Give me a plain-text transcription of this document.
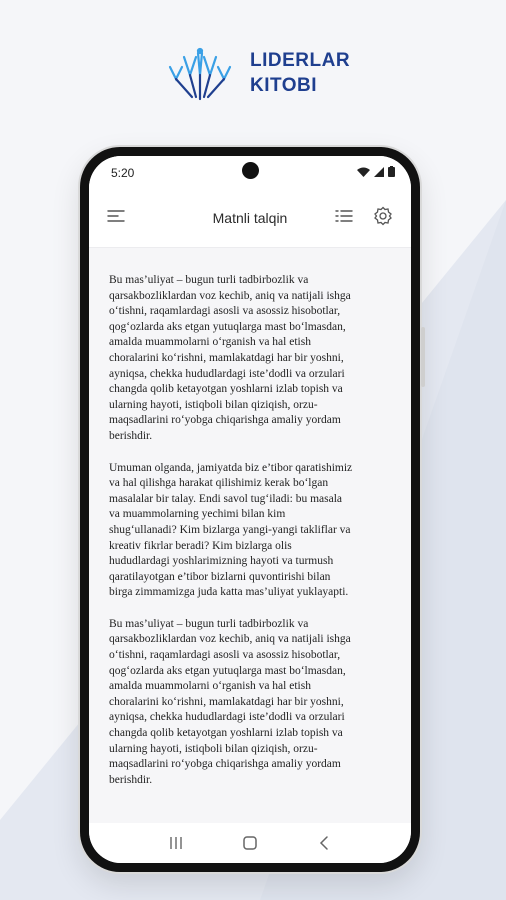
LIDERLAR
KITOBI
5:20
Matnli talqin

Bu mas’uliyat – bugun turli tadbirbozlik va
qarsakbozliklardan voz kechib, aniq va natijali ishga
o‘tishni, raqamlardagi asosli va asossiz hisobotlar,
qog‘ozlarda aks etgan yutuqlarga mast bo‘lmasdan,
amalda muammolarni o‘rganish va hal etish
choralarini ko‘rishni, mamlakatdagi har bir yoshni,
ayniqsa, chekka hududlardagi iste’dodli va orzulari
changda qolib ketayotgan yoshlarni izlab topish va
ularning hayoti, istiqboli bilan qiziqish, orzu-
maqsadlarini ro‘yobga chiqarishga amaliy yordam
berishdir.

Umuman olganda, jamiyatda biz e’tibor qaratishimiz
va hal qilishga harakat qilishimiz kerak bo‘lgan
masalalar bir talay. Endi savol tug‘iladi: bu masala
va muammolarning yechimi bilan kim
shug‘ullanadi? Kim bizlarga yangi-yangi takliflar va
kreativ fikrlar beradi? Kim bizlarga olis
hududlardagi yoshlarimizning hayoti va turmush
qaratilayotgan e’tibor bizlarni quvontirishi bilan
birga zimmamizga juda katta mas’uliyat yuklayapti.

Bu mas’uliyat – bugun turli tadbirbozlik va
qarsakbozliklardan voz kechib, aniq va natijali ishga
o‘tishni, raqamlardagi asosli va asossiz hisobotlar,
qog‘ozlarda aks etgan yutuqlarga mast bo‘lmasdan,
amalda muammolarni o‘rganish va hal etish
choralarini ko‘rishni, mamlakatdagi har bir yoshni,
ayniqsa, chekka hududlardagi iste’dodli va orzulari
changda qolib ketayotgan yoshlarni izlab topish va
ularning hayoti, istiqboli bilan qiziqish, orzu-
maqsadlarini ro‘yobga chiqarishga amaliy yordam
berishdir.
